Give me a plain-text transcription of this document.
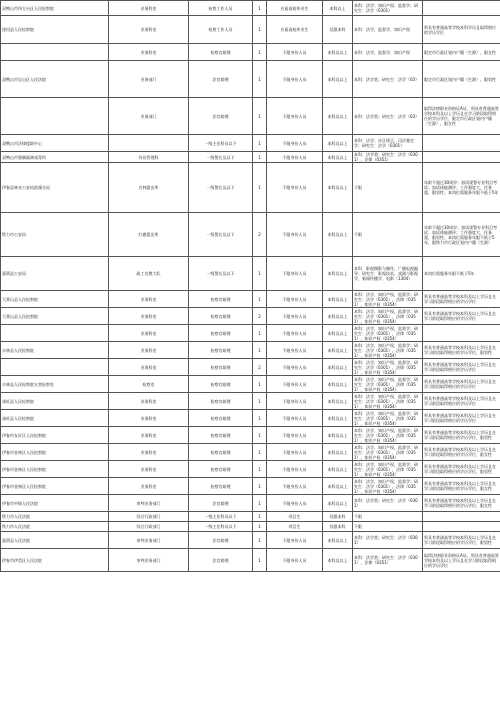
双鸭山市四方台区人民检察院	业务科室	检察工作人员	1	应届高校毕业生	本科以上	本科：法学；知识产权；监督学；研究生：法学（0301）	
饶河县人民检察院	业务科室	检察工作人员	1	应届高校毕业生	仅限本科	本科：法学，监督学，知识产权	须具有普通高等学校本科学历且取得相应的学历学位
	业务科室	检察官助理	1	不限身份人员	本科及以上	本科：法学，监督学，知识产权	限定市行政区划内户籍（生源），限女性
双鸭山市宝山区人民法院	业务部门	法官助理	1	不限身份人员	本科及以上	本科：法学类；研究生：法学（03）	限定市行政区划内户籍（生源），限男性
	业务部门	法官助理	1	不限身份人员	本科及以上	本科：法学类；研究生：法学（03）	取得法律职业资格证A证，须具有普通高等学校本科及以上学历且在学习阶段取得相应的学历学位，限定市行政区划内户籍（生源），限女性
双鸭山市法律援助中心		一级主任科员以下	1	不限身份人员	本科及以上	本科：法学；社区矫正，司法鉴定学；研究生：法学（0301）	
双鸭山市强制隔离戒毒所	外设管理科	一级警长及以下	1	不限身份人员	本科及以上	本科：法学类；研究生：法学（0301），法律（0351）	
伊春县林业公安局滨溪分局	吉林派出所	一级警长及以下	1	不限身份人员	本科及以上	不限	年龄不超过30周岁；加试现警专业科目考试；加试体能测评；工作强度大，任务重，限男性；本岗位需服务年限不低于5年
铁力市公安局	红旗派出所	一级警长及以下	2	不限身份人员	本科及以上	不限	年龄不超过30周岁；加试现警专业科目考试；加试体能测评；工作强度大，任务重，限男性；本岗位需服务年限不低于5年，限铁力市行政区划内户籍（生源）
嘉荫县公安局	政工宣教大队	一级警长及以下	1	不限身份人员	本科及以上	本科：影视摄影与制作，广播电视编导；研究生：影视技术，戏剧与影视学，新闻传播学，电影（1304）	本岗位需服务年限不低于5年
大箐山县人民检察院	业务科室	检察官助理	1	不限身份人员	本科及以上	本科：法学，知识产权，监督学；研究生：法学（0301），法律（0351），知识产权（0354）	须具有普通高等学校本科及以上学历且在学习阶段取得相应的学历学位
大箐山县人民检察院	业务科室	检察官助理	2	不限身份人员	本科及以上	本科：法学，知识产权，监督学；研究生：法学（0301），法律（0351），知识产权（0354）	须具有普通高等学校本科及以上学历且在学习阶段取得相应的学历学位
	业务科室	检察官助理	1	不限身份人员	本科及以上	本科：法学，知识产权，监督学；研究生：法学（0301），法律（0351），知识产权（0354）	
丰林县人民检察院	业务科室	检察官助理	1	不限身份人员	本科及以上	本科：法学，知识产权，监督学；研究生：法学（0301），法律（0351），知识产权（0354）	须具有普通高等学校本科及以上学历且在学习阶段取得相应的学历学位，限男性
	业务科室	检察官助理	2	不限身份人员	本科及以上	本科：法学，知识产权，监督学；研究生：法学（0301），法律（0351），知识产权（0354）	须具有普通高等学校本科及以上学历且在学习阶段取得相应的学历学位
丰林县人民检察院五营检察室	检察室	检察官助理	1	不限身份人员	本科及以上	本科：法学，知识产权，监督学；研究生：法学（0301），法律（0351），知识产权（0354）	须具有普通高等学校本科及以上学历且在学习阶段取得相应的学历学位
汤旺县人民检察院	业务科室	检察官助理	1	不限身份人员	本科及以上	本科：法学，知识产权，监督学；研究生：法学（0301），法律（0351），知识产权（0354）	须具有普通高等学校本科及以上学历且在学习阶段取得相应的学历学位
汤旺县人民检察院	业务科室	检察官助理	1	不限身份人员	本科及以上	本科：法学，知识产权，监督学；研究生：法学（0301），法律（0351），知识产权（0354）	须具有普通高等学校本科及以上学历且在学习阶段取得相应的学历学位
伊春市友好区人民检察院	业务科室	检察官助理	1	不限身份人员	本科及以上	本科：法学，知识产权，监督学；研究生：法学（0301），法律（0351），知识产权（0354）	须具有普通高等学校本科及以上学历且在学习阶段取得相应的学历学位，限男性
伊春市金林区人民检察院	业务科室	检察官助理	1	不限身份人员	本科及以上	本科：法学，知识产权，监督学；研究生：法学（0301），法律（0351），知识产权（0354）	须具有普通高等学校本科及以上学历且在学习阶段取得相应的学历学位，限女性
伊春市金林区人民检察院	业务科室	检察官助理	1	不限身份人员	本科及以上	本科：法学，知识产权，监督学；研究生：法学（0301），法律（0351），知识产权（0354）	须具有普通高等学校本科及以上学历且在学习阶段取得相应的学历学位，限男性
伊春市金林区人民检察院	业务科室	检察官助理	1	不限身份人员	本科及以上	本科：法学，知识产权，监督学；研究生：法学（0301），法律（0351），知识产权（0354）	须具有普通高等学校本科及以上学历且在学习阶段取得相应的学历学位，限女性
伊春市中级人民法院	审判业务部门	法官助理	1	不限身份人员	本科及以上	本科：法学类；研究生：法学（0301）	须具有普通高等学校本科及以上学历且在学习阶段取得相应的学历学位，限女性
铁力市人民法院	综合行政部门	一级主任科员以下	1	项目生	仅限本科	不限	
铁力市人民法院	综合行政部门	一级主任科员以下	1	项目生	仅限本科	不限	
嘉荫县人民法院	审判业务部门	法官助理	1	不限身份人员	本科及以上	本科：法学类；研究生：法学（0301）	须具有普通高等学校本科及以上学历且在学习阶段取得相应的学历学位，限男性
伊春市伊美区人民法院	审判业务部门	法官助理	1	不限身份人员	本科及以上	本科：法学类；研究生：法学（0301），法律（0351）	取得法律职业资格证A证，须具有普通高等学校本科及以上学历且在学习阶段取得相应的学历学位
